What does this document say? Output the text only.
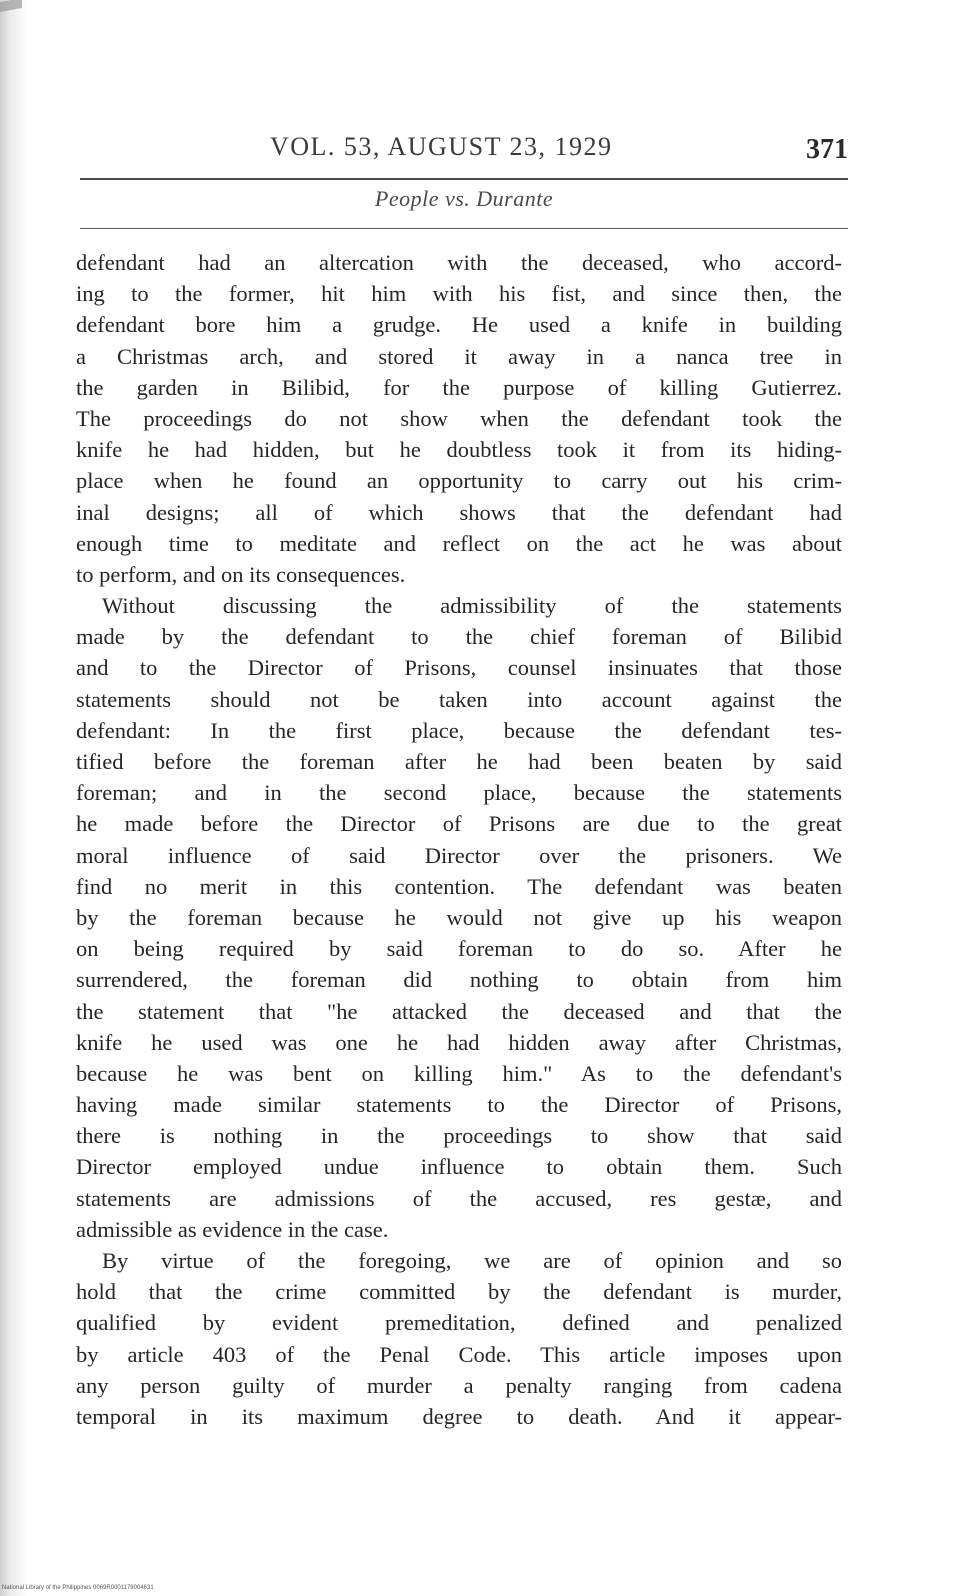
VOL. 53, AUGUST 23, 1929	371
People vs. Durante
defendant had an altercation with the deceased, who accord-
ing to the former, hit him with his fist, and since then, the
defendant bore him a grudge. He used a knife in building
a Christmas arch, and stored it away in a nanca tree in
the garden in Bilibid, for the purpose of killing Gutierrez.
The proceedings do not show when the defendant took the
knife he had hidden, but he doubtless took it from its hiding-
place when he found an opportunity to carry out his crim-
inal designs; all of which shows that the defendant had
enough time to meditate and reflect on the act he was about
to perform, and on its consequences.
Without discussing the admissibility of the statements
made by the defendant to the chief foreman of Bilibid
and to the Director of Prisons, counsel insinuates that those
statements should not be taken into account against the
defendant: In the first place, because the defendant tes-
tified before the foreman after he had been beaten by said
foreman; and in the second place, because the statements
he made before the Director of Prisons are due to the great
moral influence of said Director over the prisoners. We
find no merit in this contention. The defendant was beaten
by the foreman because he would not give up his weapon
on being required by said foreman to do so. After he
surrendered, the foreman did nothing to obtain from him
the statement that "he attacked the deceased and that the
knife he used was one he had hidden away after Christmas,
because he was bent on killing him." As to the defendant's
having made similar statements to the Director of Prisons,
there is nothing in the proceedings to show that said
Director employed undue influence to obtain them. Such
statements are admissions of the accused, res gestæ, and
admissible as evidence in the case.
By virtue of the foregoing, we are of opinion and so
hold that the crime committed by the defendant is murder,
qualified by evident premeditation, defined and penalized
by article 403 of the Penal Code. This article imposes upon
any person guilty of murder a penalty ranging from cadena
temporal in its maximum degree to death. And it appear-
National Library of the Philippines 0069R0001179004631
